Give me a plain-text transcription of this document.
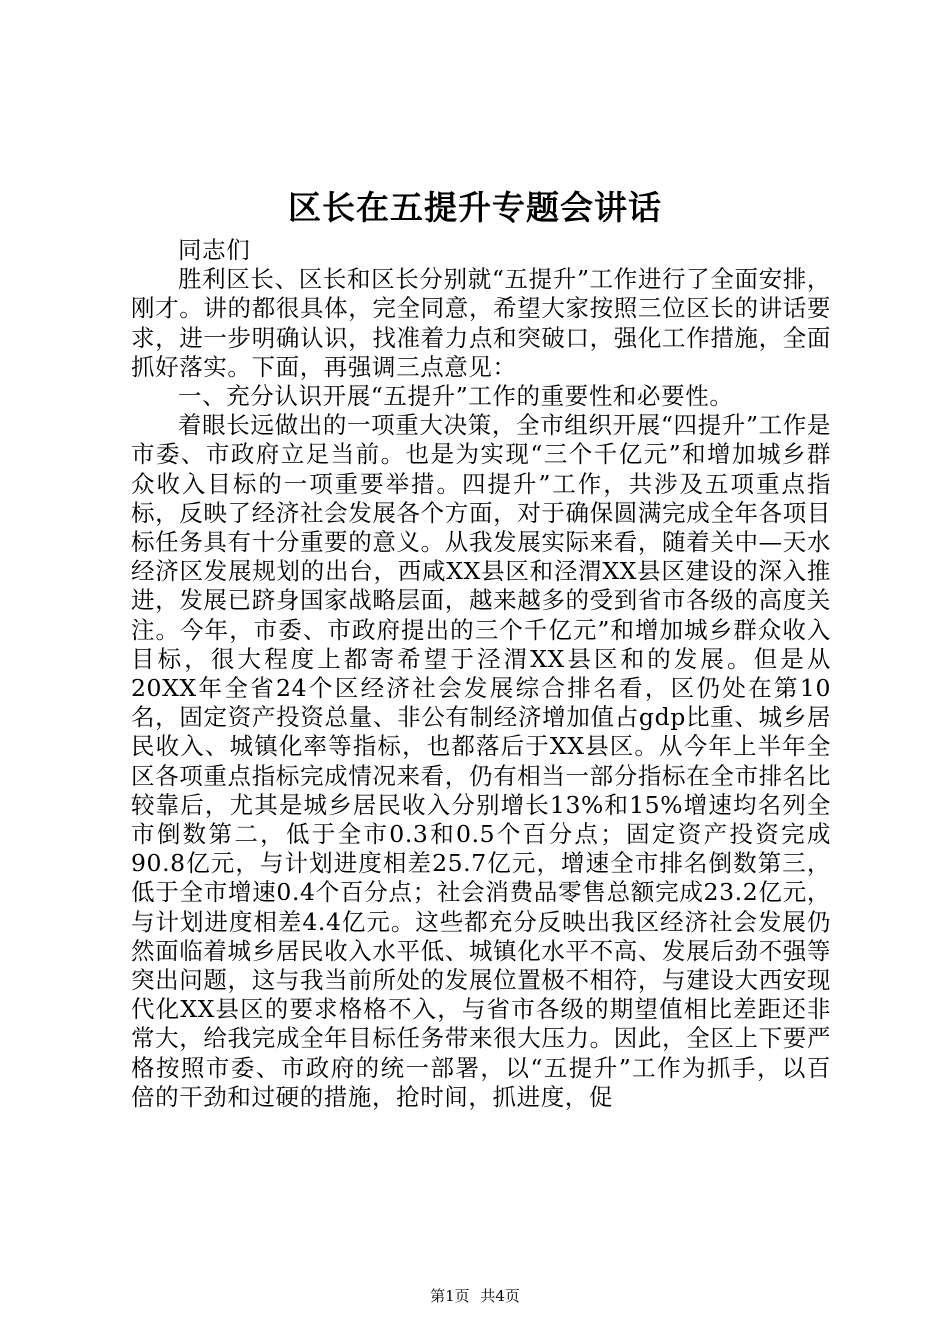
区长在五提升专题会讲话

同志们

胜利区长、区长和区长分别就“五提升”工作进行了全面安排，刚才。讲的都很具体，完全同意，希望大家按照三位区长的讲话要求，进一步明确认识，找准着力点和突破口，强化工作措施，全面抓好落实。下面，再强调三点意见：

一、充分认识开展“五提升”工作的重要性和必要性。

着眼长远做出的一项重大决策，全市组织开展“四提升”工作是市委、市政府立足当前。也是为实现“三个千亿元”和增加城乡群众收入目标的一项重要举措。四提升”工作，共涉及五项重点指标，反映了经济社会发展各个方面，对于确保圆满完成全年各项目标任务具有十分重要的意义。从我发展实际来看，随着关中—天水经济区发展规划的出台，西咸XX县区和泾渭XX县区建设的深入推进，发展已跻身国家战略层面，越来越多的受到省市各级的高度关注。今年，市委、市政府提出的三个千亿元”和增加城乡群众收入目标，很大程度上都寄希望于泾渭XX县区和的发展。但是从20XX年全省24个区经济社会发展综合排名看，区仍处在第10名，固定资产投资总量、非公有制经济增加值占gdp比重、城乡居民收入、城镇化率等指标，也都落后于XX县区。从今年上半年全区各项重点指标完成情况来看，仍有相当一部分指标在全市排名比较靠后，尤其是城乡居民收入分别增长13%和15%增速均名列全市倒数第二，低于全市0.3和0.5个百分点；固定资产投资完成90.8亿元，与计划进度相差25.7亿元，增速全市排名倒数第三，低于全市增速0.4个百分点；社会消费品零售总额完成23.2亿元，与计划进度相差4.4亿元。这些都充分反映出我区经济社会发展仍然面临着城乡居民收入水平低、城镇化水平不高、发展后劲不强等突出问题，这与我当前所处的发展位置极不相符，与建设大西安现代化XX县区的要求格格不入，与省市各级的期望值相比差距还非常大，给我完成全年目标任务带来很大压力。因此，全区上下要严格按照市委、市政府的统一部署，以“五提升”工作为抓手，以百倍的干劲和过硬的措施，抢时间，抓进度，促

第1页 共4页
